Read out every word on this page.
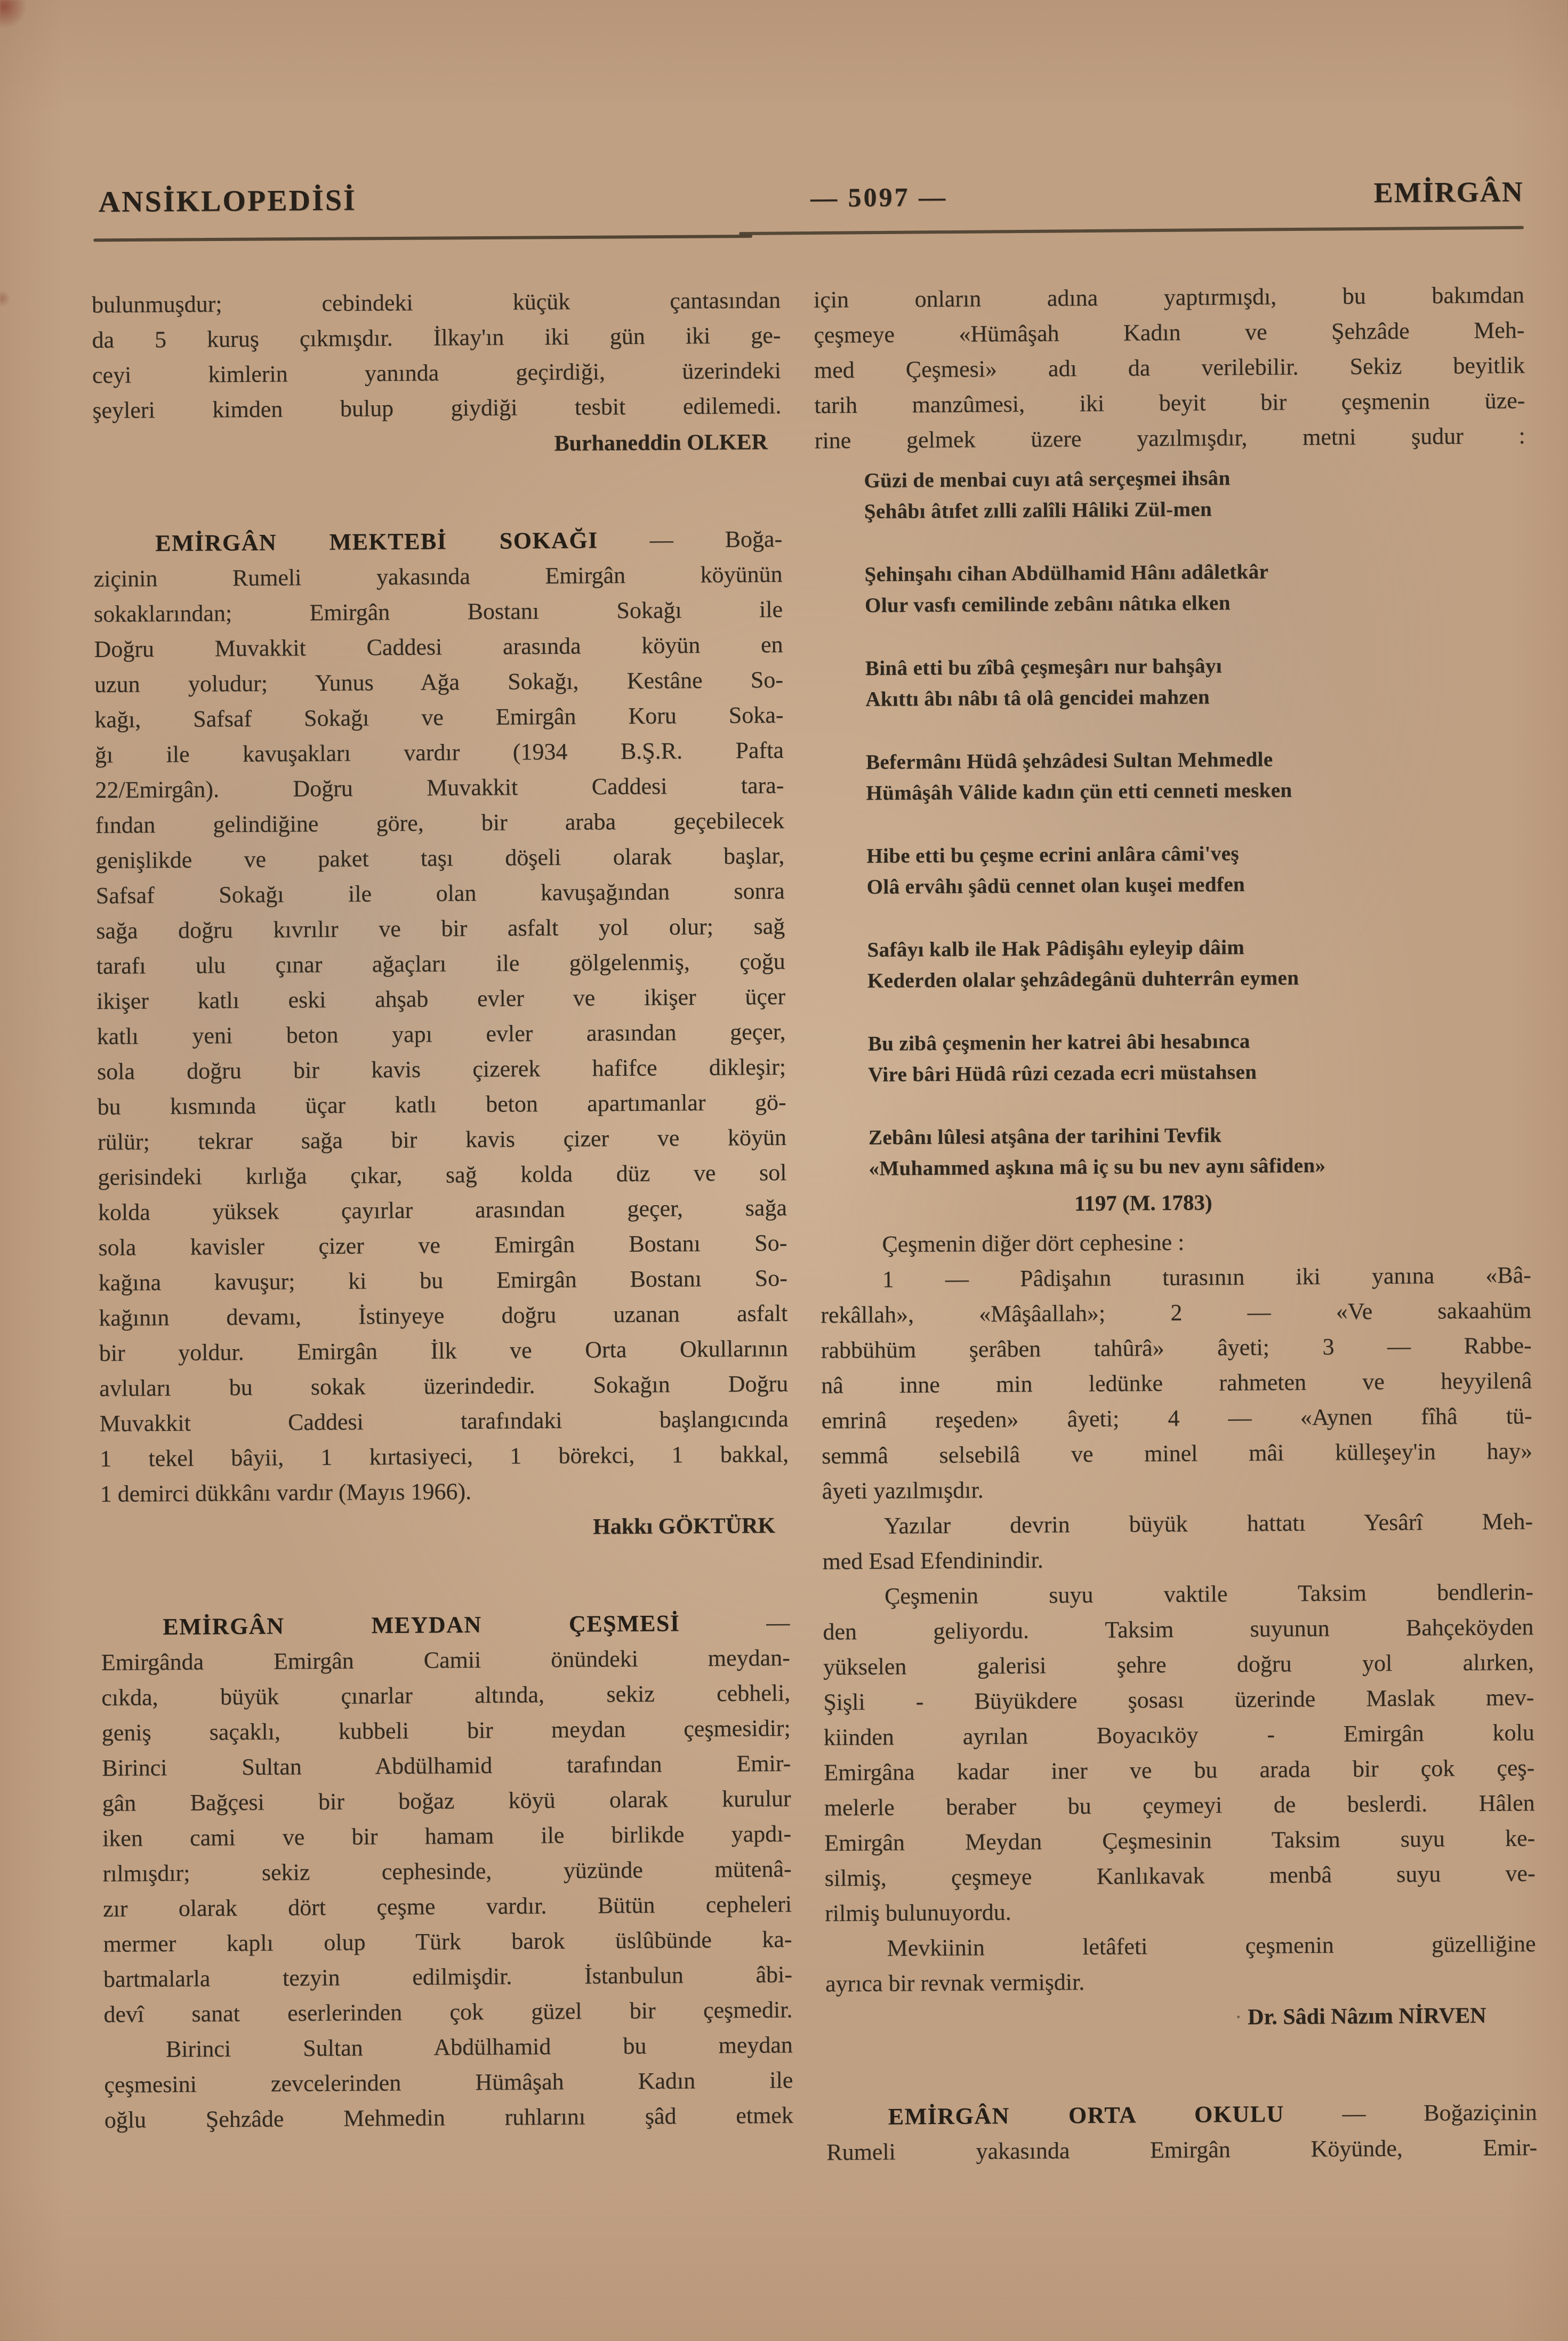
ANSİKLOPEDİSİ	— 5097 —	EMİRGÂN
bulunmuşdur; cebindeki küçük çantasından
da 5 kuruş çıkmışdır. İlkay'ın iki gün iki ge-
ceyi kimlerin yanında geçirdiği, üzerindeki
şeyleri kimden bulup giydiği tesbit edilemedi.
Burhaneddin OLKER
EMİRGÂN MEKTEBİ SOKAĞI — Boğa-
ziçinin Rumeli yakasında Emirgân köyünün
sokaklarından; Emirgân Bostanı Sokağı ile
Doğru Muvakkit Caddesi arasında köyün en
uzun yoludur; Yunus Ağa Sokağı, Kestâne So-
kağı, Safsaf Sokağı ve Emirgân Koru Soka-
ğı ile kavuşakları vardır (1934 B.Ş.R. Pafta
22/Emirgân). Doğru Muvakkit Caddesi tara-
fından gelindiğine göre, bir araba geçebilecek
genişlikde ve paket taşı döşeli olarak başlar,
Safsaf Sokağı ile olan kavuşağından sonra
sağa doğru kıvrılır ve bir asfalt yol olur; sağ
tarafı ulu çınar ağaçları ile gölgelenmiş, çoğu
ikişer katlı eski ahşab evler ve ikişer üçer
katlı yeni beton yapı evler arasından geçer,
sola doğru bir kavis çizerek hafifce dikleşir;
bu kısmında üçar katlı beton apartımanlar gö-
rülür; tekrar sağa bir kavis çizer ve köyün
gerisindeki kırlığa çıkar, sağ kolda düz ve sol
kolda yüksek çayırlar arasından geçer, sağa
sola kavisler çizer ve Emirgân Bostanı So-
kağına kavuşur; ki bu Emirgân Bostanı So-
kağının devamı, İstinyeye doğru uzanan asfalt
bir yoldur. Emirgân İlk ve Orta Okullarının
avluları bu sokak üzerindedir. Sokağın Doğru
Muvakkit Caddesi tarafındaki başlangıcında
1 tekel bâyii, 1 kırtasiyeci, 1 börekci, 1 bakkal,
1 demirci dükkânı vardır (Mayıs 1966).
Hakkı GÖKTÜRK
EMİRGÂN MEYDAN ÇEŞMESİ	—
Emirgânda Emirgân Camii önündeki meydan-
cıkda, büyük çınarlar altında, sekiz cebheli,
geniş saçaklı, kubbeli bir meydan çeşmesidir;
Birinci Sultan Abdülhamid tarafından Emir-
gân Bağçesi bir boğaz köyü olarak kurulur
iken cami ve bir hamam ile birlikde yapdı-
rılmışdır; sekiz cephesinde, yüzünde mütenâ-
zır olarak dört çeşme vardır. Bütün cepheleri
mermer kaplı olup Türk barok üslûbünde ka-
bartmalarla tezyin edilmişdir. İstanbulun âbi-
devî sanat eserlerinden çok güzel bir çeşmedir.
Birinci Sultan Abdülhamid bu meydan
çeşmesini zevcelerinden Hümâşah Kadın ile
oğlu Şehzâde Mehmedin ruhlarını şâd etmek
için onların adına yaptırmışdı, bu bakımdan
çeşmeye «Hümâşah Kadın ve Şehzâde Meh-
med Çeşmesi» adı da verilebilir. Sekiz beyitlik
tarih manzûmesi, iki beyit bir çeşmenin üze-
rine gelmek üzere yazılmışdır, metni şudur :
Güzi de menbai cuyı atâ serçeşmei ihsân
Şehâbı âtıfet zılli zalîli Hâliki Zül-men
Şehinşahı cihan Abdülhamid Hânı adâletkâr
Olur vasfı cemilinde zebânı nâtıka elken
Binâ etti bu zîbâ çeşmeşârı nur bahşâyı
Akıttı âbı nâbı tâ olâ gencidei mahzen
Befermânı Hüdâ şehzâdesi Sultan Mehmedle
Hümâşâh Vâlide kadın çün etti cenneti mesken
Hibe etti bu çeşme ecrini anlâra câmi'veş
Olâ ervâhı şâdü cennet olan kuşei medfen
Safâyı kalb ile Hak Pâdişâhı eyleyip dâim
Kederden olalar şehzâdegânü duhterrân eymen
Bu zibâ çeşmenin her katrei âbi hesabınca
Vire bâri Hüdâ rûzi cezada ecri müstahsen
Zebânı lûlesi atşâna der tarihini Tevfik
«Muhammed aşkına mâ iç su bu nev aynı sâfiden»
1197 (M. 1783)
Çeşmenin diğer dört cephesine :
1 — Pâdişahın turasının iki yanına «Bâ-
rekâllah», «Mâşâallah»; 2 — «Ve sakaahüm
rabbühüm şerâben tahûrâ» âyeti; 3 — Rabbe-
nâ inne min ledünke rahmeten ve heyyilenâ
emrinâ reşeden» âyeti; 4 — «Aynen fîhâ tü-
semmâ selsebilâ ve minel mâi külleşey'in hay»
âyeti yazılmışdır.
Yazılar devrin büyük hattatı Yesârî Meh-
med Esad Efendinindir.
Çeşmenin suyu vaktile Taksim bendlerin-
den geliyordu. Taksim suyunun Bahçeköyden
yükselen galerisi şehre doğru yol alırken,
Şişli - Büyükdere şosası üzerinde Maslak mev-
kiinden ayrılan Boyacıköy - Emirgân kolu
Emirgâna kadar iner ve bu arada bir çok çeş-
melerle beraber bu çeymeyi de beslerdi. Hâlen
Emirgân Meydan Çeşmesinin Taksim suyu ke-
silmiş, çeşmeye Kanlıkavak menbâ suyu ve-
rilmiş bulunuyordu.
Mevkiinin letâfeti çeşmenin güzelliğine
ayrıca bir revnak vermişdir.
· Dr. Sâdi Nâzım NİRVEN
EMİRGÂN ORTA OKULU — Boğaziçinin
Rumeli yakasında Emirgân Köyünde, Emir-
